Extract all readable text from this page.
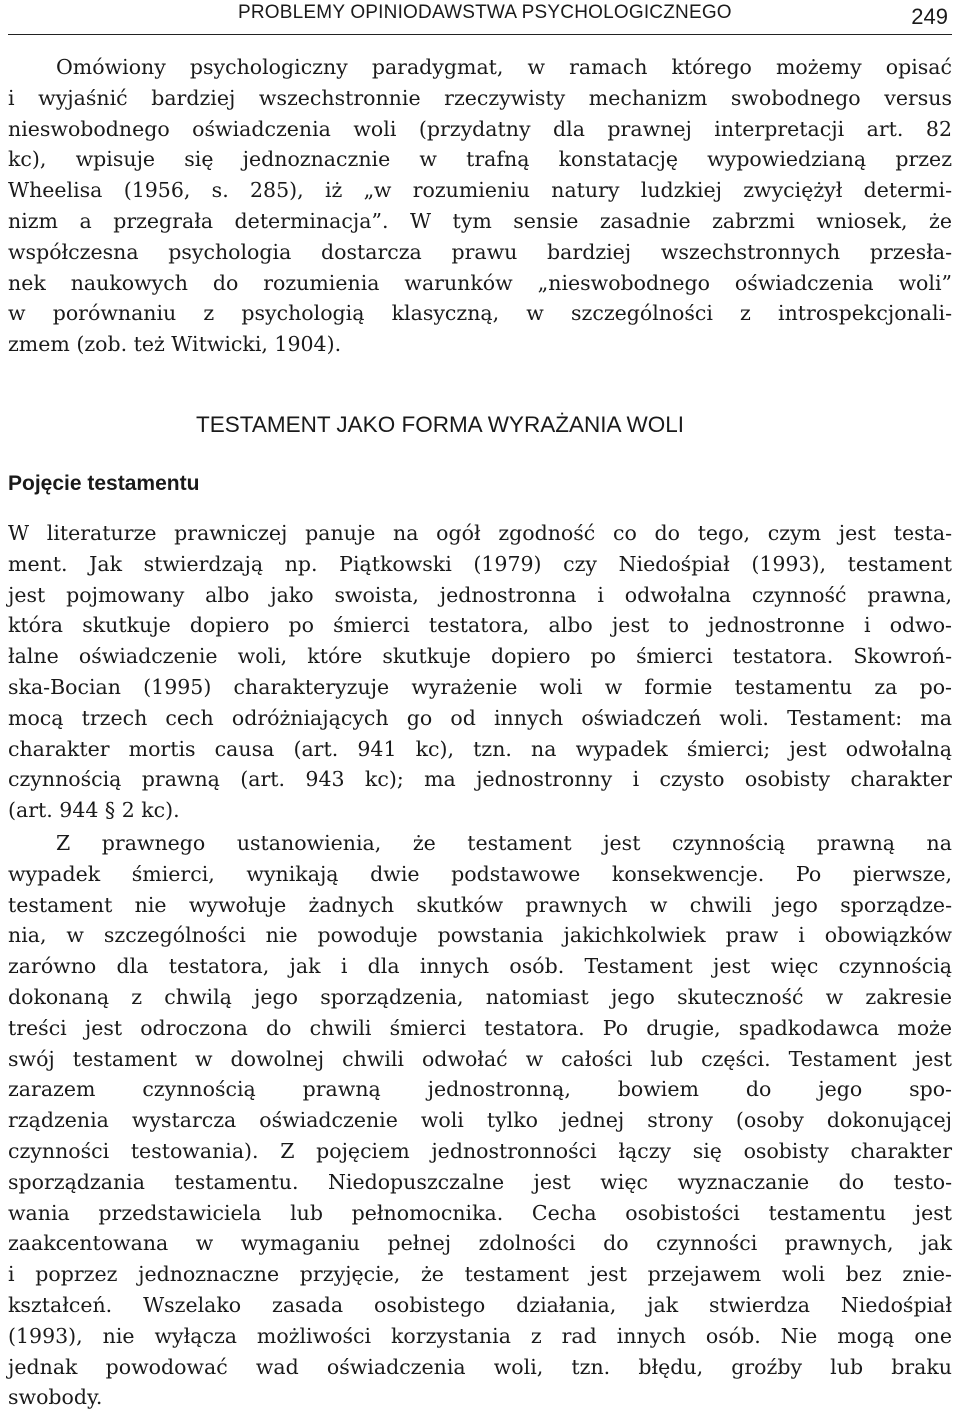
PROBLEMY OPINIODAWSTWA PSYCHOLOGICZNEGO	249

Omówiony psychologiczny paradygmat, w ramach którego możemy opisać
i wyjaśnić bardziej wszechstronnie rzeczywisty mechanizm swobodnego versus
nieswobodnego oświadczenia woli (przydatny dla prawnej interpretacji art. 82
kc), wpisuje się jednoznacznie w trafną konstatację wypowiedzianą przez
Wheelisa (1956, s. 285), iż „w rozumieniu natury ludzkiej zwyciężył determi-
nizm a przegrała determinacja”. W tym sensie zasadnie zabrzmi wniosek, że
współczesna psychologia dostarcza prawu bardziej wszechstronnych przesła-
nek naukowych do rozumienia warunków „nieswobodnego oświadczenia woli”
w porównaniu z psychologią klasyczną, w szczególności z introspekcjonali-
zmem (zob. też Witwicki, 1904).

TESTAMENT JAKO FORMA WYRAŻANIA WOLI
Pojęcie testamentu

W literaturze prawniczej panuje na ogół zgodność co do tego, czym jest testa-
ment. Jak stwierdzają np. Piątkowski (1979) czy Niedośpiał (1993), testament
jest pojmowany albo jako swoista, jednostronna i odwołalna czynność prawna,
która skutkuje dopiero po śmierci testatora, albo jest to jednostronne i odwo-
łalne oświadczenie woli, które skutkuje dopiero po śmierci testatora. Skowroń-
ska-Bocian (1995) charakteryzuje wyrażenie woli w formie testamentu za po-
mocą trzech cech odróżniających go od innych oświadczeń woli. Testament: ma
charakter mortis causa (art. 941 kc), tzn. na wypadek śmierci; jest odwołalną
czynnością prawną (art. 943 kc); ma jednostronny i czysto osobisty charakter
(art. 944 § 2 kc).

Z prawnego ustanowienia, że testament jest czynnością prawną na
wypadek śmierci, wynikają dwie podstawowe konsekwencje. Po pierwsze,
testament nie wywołuje żadnych skutków prawnych w chwili jego sporządze-
nia, w szczególności nie powoduje powstania jakichkolwiek praw i obowiązków
zarówno dla testatora, jak i dla innych osób. Testament jest więc czynnością
dokonaną z chwilą jego sporządzenia, natomiast jego skuteczność w zakresie
treści jest odroczona do chwili śmierci testatora. Po drugie, spadkodawca może
swój testament w dowolnej chwili odwołać w całości lub części. Testament jest
zarazem czynnością prawną jednostronną, bowiem do jego spo-
rządzenia wystarcza oświadczenie woli tylko jednej strony (osoby dokonującej
czynności testowania). Z pojęciem jednostronności łączy się osobisty charakter
sporządzania testamentu. Niedopuszczalne jest więc wyznaczanie do testo-
wania przedstawiciela lub pełnomocnika. Cecha osobistości testamentu jest
zaakcentowana w wymaganiu pełnej zdolności do czynności prawnych, jak
i poprzez jednoznaczne przyjęcie, że testament jest przejawem woli bez znie-
kształceń. Wszelako zasada osobistego działania, jak stwierdza Niedośpiał
(1993), nie wyłącza możliwości korzystania z rad innych osób. Nie mogą one
jednak powodować wad oświadczenia woli, tzn. błędu, groźby lub braku
swobody.
